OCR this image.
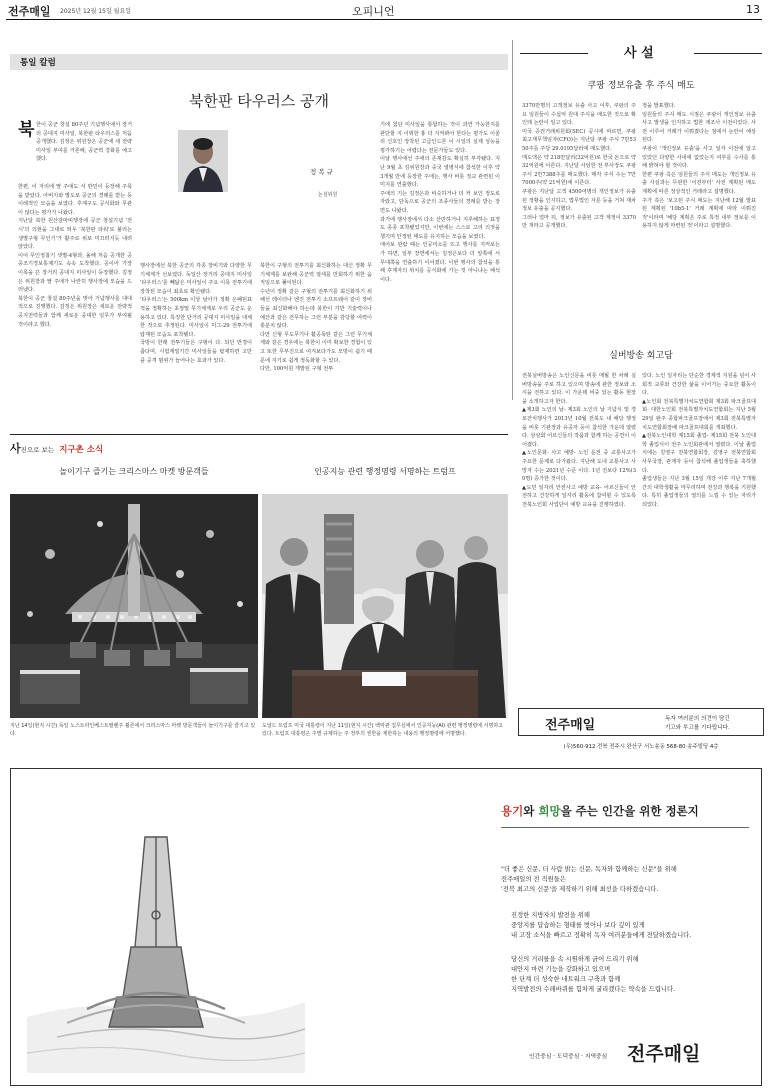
전주매일 2025년 12월 15일 월요일	오피니언	13
통일 칼럼
북한판 타우러스 공개
북 한이 공군 창설 80주년 기념행사에서 장거리 공대지 미사일, 북한판 타우러스를 처음 공개했다. 김정은 위원장은 공군에 새 전략미사일 부여를 거론해, 공군력 강화를 예고했다.
한편, 이 자리에 딸 주애도 서 딴민이 등장해 주목을 받았다. 아버지와 별도로 공군의 경례를 받는 등 이례적인 모습을 보였다. 후계구도 공식화와 무관이 않다는 평가가 나왔다.
지난달 북한 원산갈마비행장에 공군 창설기념 '전시'의 의현을 그대로 띄우 '북한판 타워'로 불리는 생별구형 무인기'가 활주로 위로 미끄러지듯 내려앉았다.
이어 무인정찰기 샛별-4형과, 올해 처음 공개한 공중조기경보통제기도 속속 도착했다. 공이어 가장 이목을 끈 장거리 공대지 미사일이 등장했다. 김정은 위원장과 딸 주애가 나란히 행사장에 모습을 드러냈다.
북한이 공군 창설 80주년을 맞아 기념행사를 대대적으로 진행했다. 김정은 위원장은 새로운 전략적 공지전력들과 함께 새로운 중대한 임무가 부여될 것이라고 했다.
정 복 규
논설위원
행사장에선 북한 공군의 각종 장비기와 다양한 무기체계가 선보였다. 독일산 장거리 공대지 미사일 '타우러스'를 빼닮은 미사일이 주요 이목 전투기에 장착된 모습이 최초로 확인됐다.
'타우러스'는 500km 이상 날아가 정확 은폐된표적을 정확하는 초정밀 무기체계로 우리 공군도 운용하고 있다. 특징한 단거리 공대지 미사일을 대체한 것으로 추정된다. 미사일이 미그-29 전투기에 탑재된 모습도 포착됐다.
국방이 한래 전투기들은 구형이 다. 되던 반경이 좁다며, 시험계열기간 미사일들을 탑재하면 고만큼 공격 범위가 늘어나는 효과가 있다.
북한이 구형의 전투기를 최신화하는 대신 정확 무기체계를 보완해 공군력 열세를 만회하기 위한 움직임으로 풀이된다.
수년이 정확 같은 구형의 전투기를 최신화하기 위해선 레이더나 엔진 전투기 소프트웨어 같이 장비들을 최신화해야 하는데 북한이 기반 기술력이나 예산과 같은 전무하는 그런 부분을 감당할 여력이 충분치 않다.
다만 신형 무도무기나 활공폭탄 같은 그런 무기체계와 같은 경우에는 북한이 이미 확보한 경험이 있고 또한 무부진으로 여겨보다가도 모방이 쉽기 때문에 지기로 쉽게 정독화할 수 있다.
다만, 100억원 개발된 구형 전투
기에 첨단 미사일을 통합하는 것이 과연 가능한지를 판단할 지 이뭐한 홍 더 지켜봐야 한다는 평가도 이울리 신호인 장착된 고급인드론 이 시일의 실제 성능을 평가하기는 어렵다는 전문가들도 있다.
이날 행사에선 주애의 존재감도 확실히 부각됐다. 지난 9월 초 김위원장과 중국 열병식에 참석한 이후 약 3개월 만에 등장한 주애는, 행사 비롯 정교 관련된 이미지를 연출했다.
주애의 기는 김정은과 비슷하거나 더 커 보인 정도로 자랐고, 단독으로 공군의 조종사들의 경례를 받는 장면도 나왔다.
과거에 행사장에서 다소 산만하거나 지루해하는 표정도 종종 포착됐었지만, 이번에는 스스로 고리 의젓을 챙기며 안정된 태도를 유지하는 모습을 보였다.
애어보 관람 때는 인공미소를 뜨고 행사를 지켜보는가 하면, 일부 장면에서는 김정은보다 더 앞쪽에 서 무대쪽을 연출하기 이어졌다. 이번 행사의 참석을 통해 후계자의 위치를 공식화에 가는 것 아니냐는 해석이다.
사 설
쿠팡 정보유출 후 주식 매도
3370만명의 고객정보 유출 사고 이후, 쿠팡의 주요 임원들이 수십억 원대 주식을 매도한 것으로 확인돼 논란이 일고 있다.
미국 증권거래위원회(SEC) 공시에 따르면, 쿠팡 최고재무책임자(CFO)는 지난달 쿠팡 주식 7만5350주를 주당 29.0195달러에 매도했다.
매도액은 약 218만달러(32억원)로 한국 돈으로 약 32억원에 이른다. 지난달 사임한 전 부사장도 쿠팡 주식 2만7388주를 매도했다. 매각 주식 수는 7만7000주(약 21억원)에 이른다.
쿠팡은 지난달 고객 4500여명의 개인정보가 유출된 정황을 인지하고, 법무법인 자문 등을 거쳐 재차 정보 유출을 공지했다.
그러나 얼마 뒤, 정보가 유출된 고객 계정이 3370만 개라고 공개했다.
정을 발표했다.
임원들의 주식 매도 시점은 쿠팡이 개인정보 유출 사고 발생을 인지하고 법한 재조사 이전이었다. 사전 이루어 거래가 이뤄졌다는 점에서 논란이 예상된다.
쿠팡이 '개인정보 유출'을 사고 일자 이전에 알고 있었던 다양한 사내에 없었는지 여부를 수사를 통해 밝혀야 할 것이다.
한편 쿠팡 측은 임원들의 주식 매도는 개인정보 유출 사실과는 무관한 '이전부터' 사전 계획된 매도 계획에 따른 정상적인 거래라고 설명했다.
주가 측은 '보고된 주식 매도는 지난해 12월 발표된 계획된 '10b5-1' 거래 계획에 따라 이뤄진 것'이라며 '해당 계획은 주로 특정 내부 정보를 이용하지 않게 마련된 것'이라고 설명했다.
실버방송 회고담
전북실버방송은 노인신문을 비롯 매월 한 차례 실버방송을 주로 하고 있으며 방송에 관한 정보와 소식을 전하고 있다. 이 가운데 비중 있는 활동 현장을 소개하고자 한다.
▲제3회 노인의 날- 제3회 노인의 날 기념식 및 경로잔치행사가 2013년 10월 전북도 내 해당 행정을 비롯 기관장과 유공자 등이 참석한 가운데 열렸다. 삼삼회 어르신들의 작품과 함께 하는 공연이 이어졌다.
▲노인문화- 사고 예방- 노인 운전 중 교통사고가 주요한 문제로 다가왔다. 지난해 도내 교통사고 사망자 수는 2021년 수준 이다. 1년 전보다 12%(30명) 증가한 것이다.
▲도민 일자리 안전사고 예방 교육- 어르신들이 안전하고 건강하게 일자리 활동에 참여할 수 있도록 전북노인회 사업단이 예방 교육을 진행하였다.
있다. 노인 일자리는 단순한 경제적 지원을 넘어 사회적 교류와 건강한 삶을 이어가는 중요한 활동이다.
▲노인회 전북특별자치도연합회 제3회 파크골프대회- 대한노인회 전북특별자치도연합회는 지난 5월 29일 완주 종합파크골프장에서 제3회 전북특별자치도연합회장배 파크골프대회를 개최했다.
▲전북노인대학 제15회 졸업- 제15회 전북 노인대학 졸업식이 전주 노인회관에서 열렸다. 이날 졸업식에는 김영구 전북연합회장, 김영구 전북연합회 사무국장, 관계자 등이 참석해 졸업생들을 축하했다.
졸업생들은 지난 3월 15일 개강 이후 지난 7개월간의 대학생활을 마무리하며 전강과 행복을 기원했다. 특히 졸업생들의 열의를 느낄 수 있는 자리가 되었다.
전주매일	독자 여러분의 의견이 담긴
기고와 투고를 기다립니다.
(우)560-912 전북 전주시 완산구 서노송동 568-80 송주빌딩 4층
사진으로 보는 지구촌 소식
놀이기구 즐기는 크리스마스 마켓 방문객들	인공지능 관련 행정명령 서명하는 트럼프
지난 14일(현지 시간) 독일 노스트라인베스트팔렌주 쾰른에서 크리스마스 마켓 방문객들이 놀이기구를 즐기고 있다.
도널드 트럼프 미국 대통령이 지난 11일(현지 시간) 백악관 집무실에서 인공지능(AI) 관련 행정명령에 서명하고 있다. 트럼프 대통령은 주별 규제하는 주 정부의 권한을 제한하는 내용의 행정명령에 서명했다.
용기와 희망을 주는 인간을 위한 정론지
"더 좋은 신문, 더 사람 밝는 신문, 독자와 함께하는 신문"을 위해
전주매일의 전 직원들은
'전북 최고의 신문'을 제작하기 위해 최선을 다하겠습니다.
진정한 지방자치 발전을 위해
중앙지를 답습하는 형태를 벗어나 보다 깊이 있게
내 고장 소식을 빠르고 정확히 독자 여러분들에게 전달하겠습니다.
당신의 거리를을 속 시원하게 긁어 드리기 위해
대안지 마련 기능을 강화하고 있으며
한 단계 더 성숙한 네트워크 구축과 함께
지역발전의 수레바퀴를 힘차게 굴리겠다는 약속을 드립니다.
인간중심 · 도덕중심 · 지역중심 전주매일
